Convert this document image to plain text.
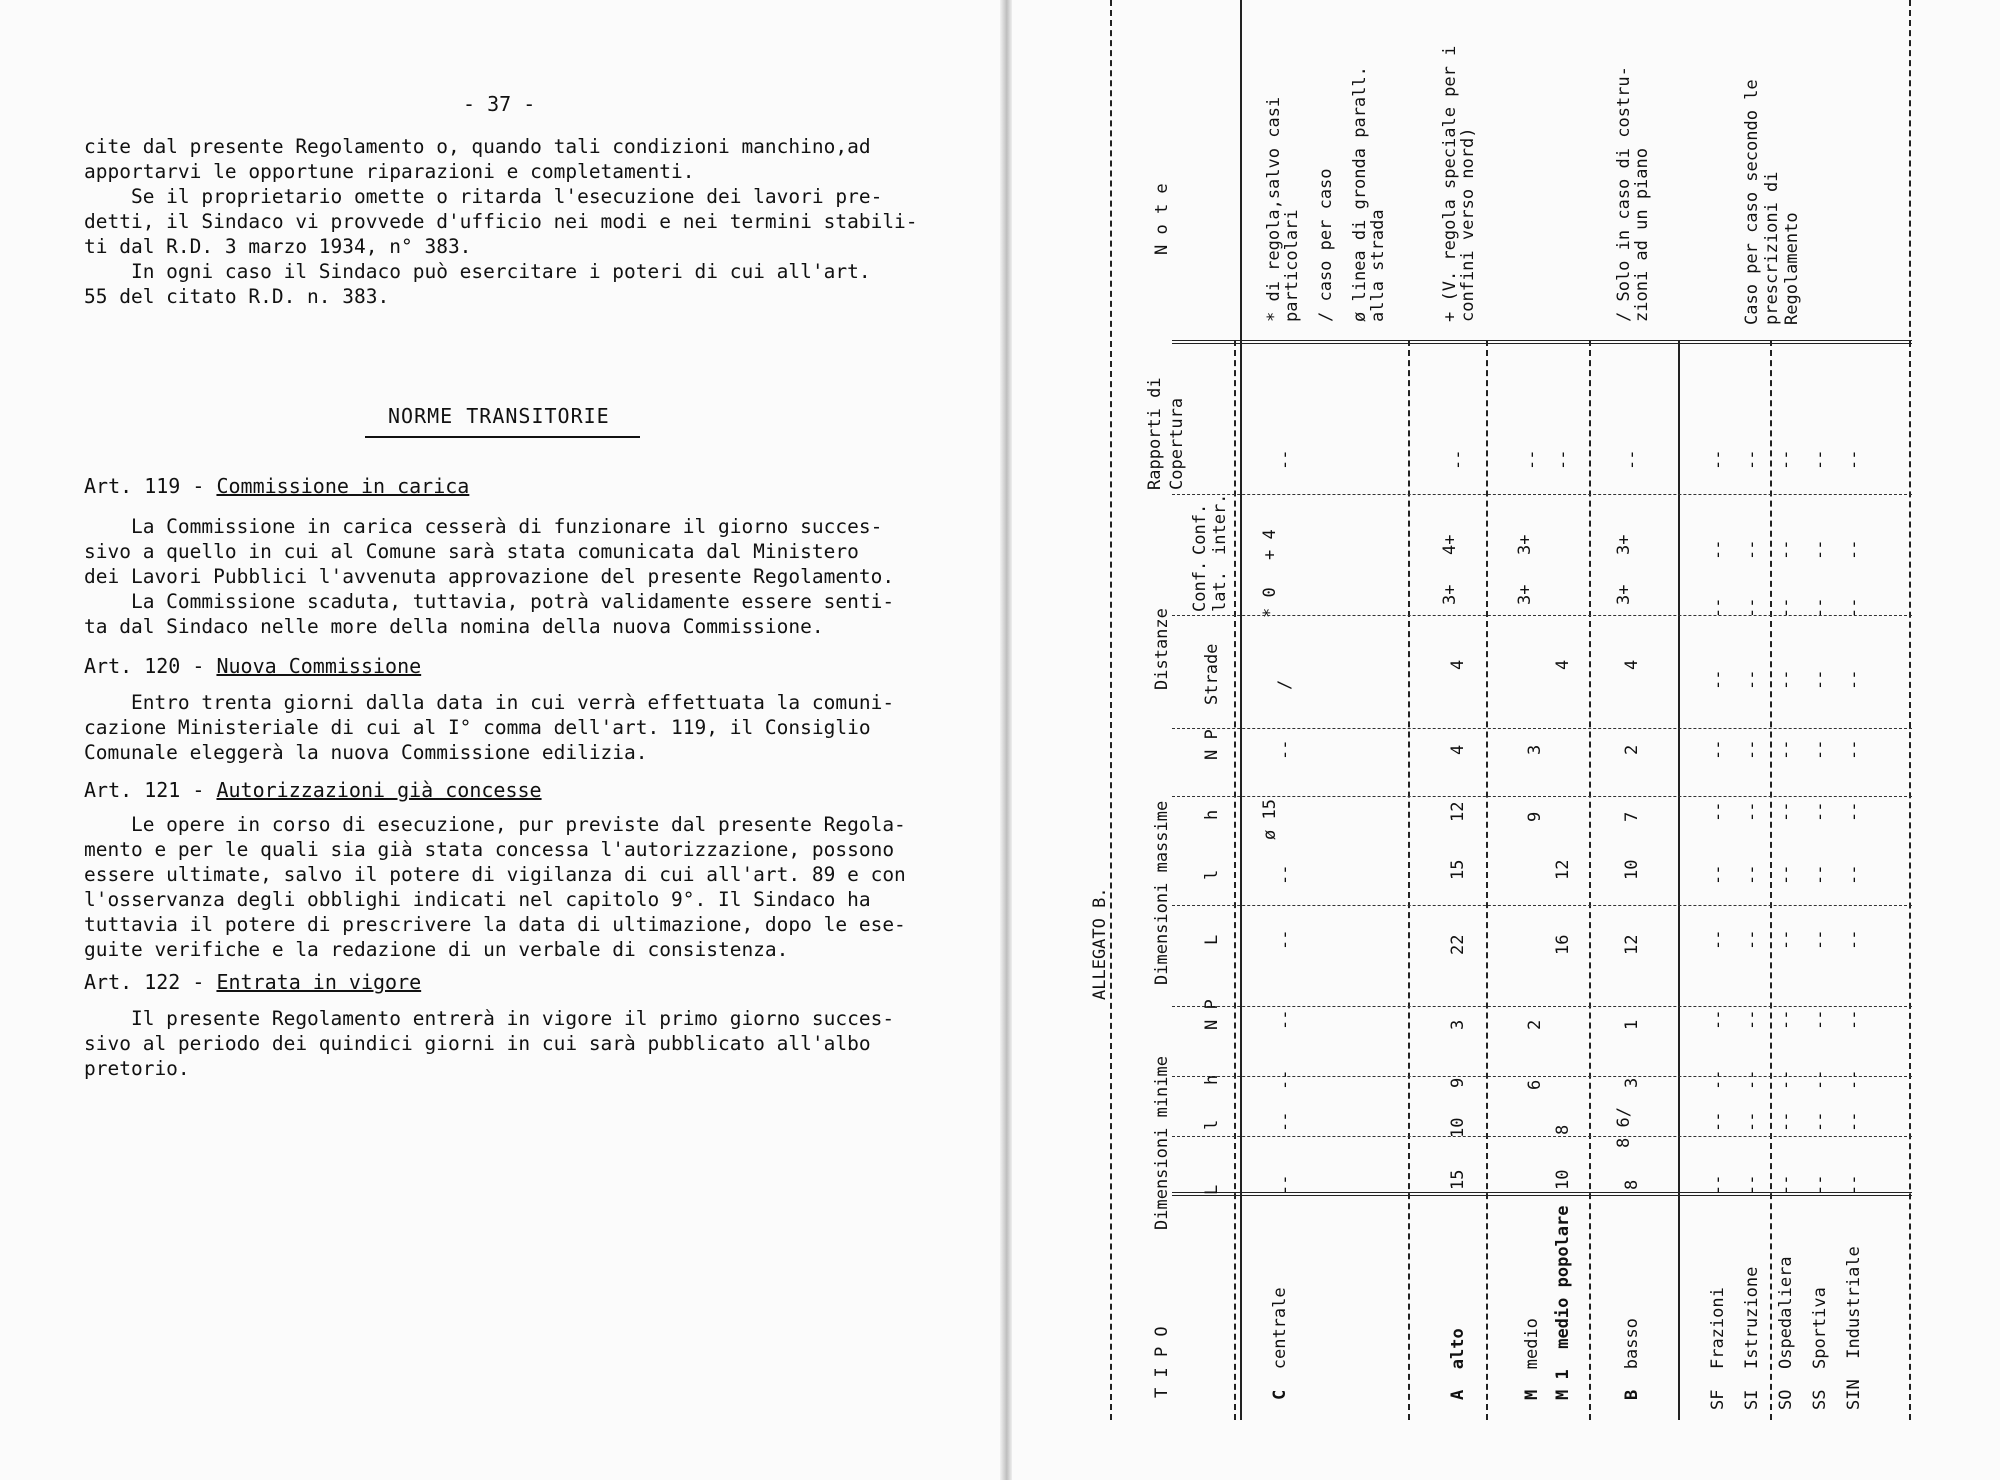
- 37 -

cite dal presente Regolamento o, quando tali condizioni manchino,ad
apportarvi le opportune riparazioni e completamenti.
Se il proprietario omette o ritarda l'esecuzione dei lavori pre-
detti, il Sindaco vi provvede d'ufficio nei modi e nei termini stabili-
ti dal R.D. 3 marzo 1934, n° 383.
In ogni caso il Sindaco può esercitare i poteri di cui all'art.
55 del citato R.D. n. 383.

NORME TRANSITORIE
Art. 119 - Commissione in carica

La Commissione in carica cesserà di funzionare il giorno succes-
sivo a quello in cui al Comune sarà stata comunicata dal Ministero
dei Lavori Pubblici l'avvenuta approvazione del presente Regolamento.
La Commissione scaduta, tuttavia, potrà validamente essere senti-
ta dal Sindaco nelle more della nomina della nuova Commissione.

Art. 120 - Nuova Commissione

Entro trenta giorni dalla data in cui verrà effettuata la comuni-
cazione Ministeriale di cui al I° comma dell'art. 119, il Consiglio
Comunale eleggerà la nuova Commissione edilizia.

Art. 121 - Autorizzazioni già concesse

Le opere in corso di esecuzione, pur previste dal presente Regola-
mento e per le quali sia già stata concessa l'autorizzazione, possono
essere ultimate, salvo il potere di vigilanza di cui all'art. 89 e con
l'osservanza degli obblighi indicati nel capitolo 9°. Il Sindaco ha
tuttavia il potere di prescrivere la data di ultimazione, dopo le ese-
guite verifiche e la redazione di un verbale di consistenza.

Art. 122 - Entrata in vigore

Il presente Regolamento entrerà in vigore il primo giorno succes-
sivo al periodo dei quindici giorni in cui sarà pubblicato all'albo
pretorio.

ALLEGATO B.
T I P O
Dimensioni minime
Dimensioni massime
Distanze
Rapporti di Copertura
N o t e
L
l
h
N P
L
l
h
N P
Strade
Conf. lat.
Conf. inter.
C  centrale
--
--
--
--
--
--
ø 15
--
/
* 0
+ 4
--
* di regola,salvo casi
particolari / caso per caso ø linea di gronda parall.
alla strada
A  alto
15
10
9
3
22
15
12
4
4
3+
4+
--
+ (V. regola speciale per i
confini verso nord)
M  medio
6
2
9
3
3+
3+
--
M 1  medio popolare
10
8
16
12
4
--
B  basso
8
8 6/
3
1
12
10
7
2
4
3+
3+
--
/ Solo in caso di costru-
zioni ad un piano
SF  Frazioni
SI  Istruzione
SO  Ospedaliera
SS  Sportiva
SIN  Industriale
--
--
--
--
--
--
--
--
--
--
--
--
--
--
--
--
--
--
--
--
--
--
--
--
--
--
--
--
--
--
--
--
--
--
--
--
--
--
--
--
--
--
--
--
--
--
--
--
--
--
--
--
--
--
--
--
--
--
--
--
Caso per caso secondo le prescrizioni di Regolamento
